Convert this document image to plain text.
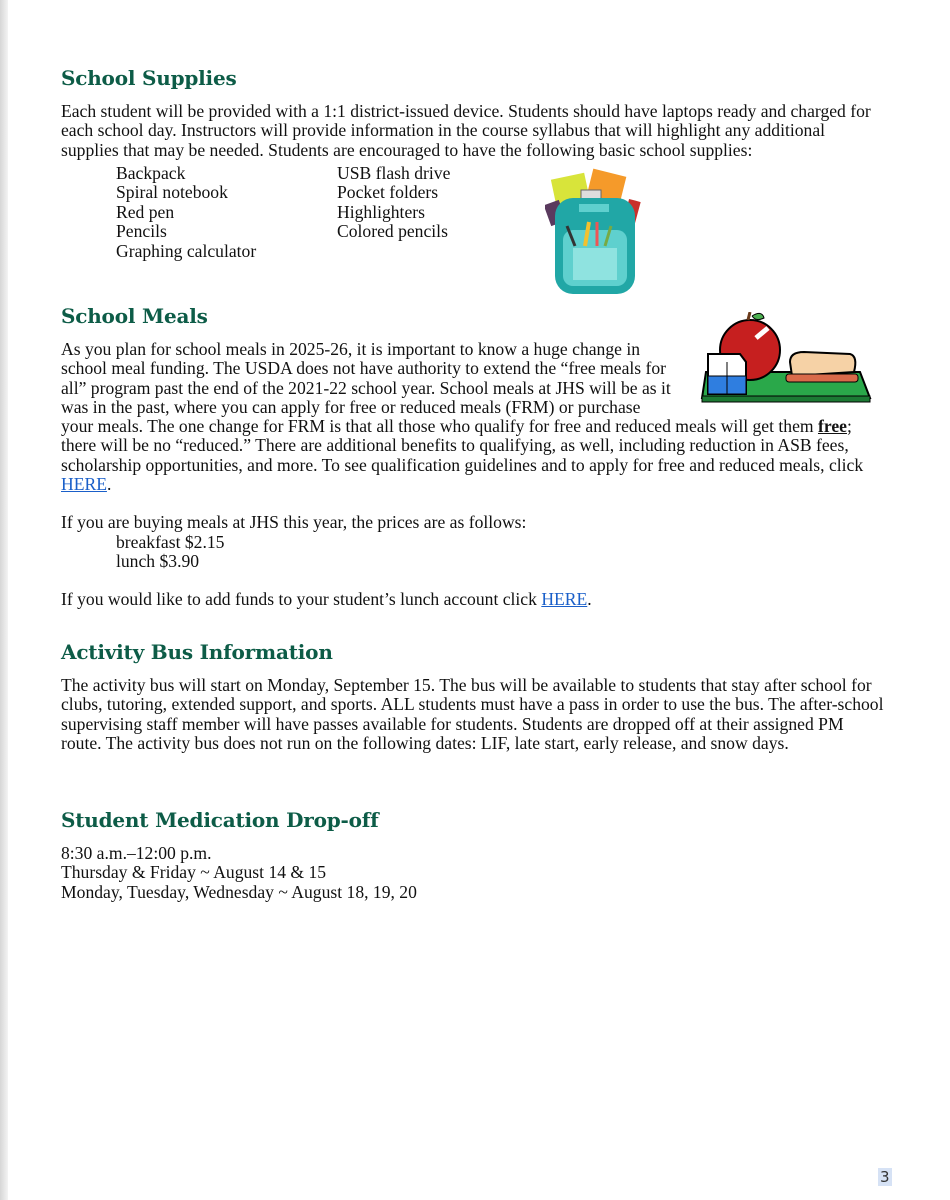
School Supplies

Each student will be provided with a 1:1 district-issued device. Students should have laptops ready and charged for each school day. Instructors will provide information in the course syllabus that will highlight any additional supplies that may be needed. Students are encouraged to have the following basic school supplies:

Backpack
Spiral notebook
Red pen
Pencils
Graphing calculator
USB flash drive
Pocket folders
Highlighters
Colored pencils
School Meals

As you plan for school meals in 2025-26, it is important to know a huge change in school meal funding. The USDA does not have authority to extend the “free meals for all” program past the end of the 2021-22 school year. School meals at JHS will be as it was in the past, where you can apply for free or reduced meals (FRM) or purchase your meals. The one change for FRM is that all those who qualify for free and reduced meals will get them free; there will be no “reduced.” There are additional benefits to qualifying, as well, including reduction in ASB fees, scholarship opportunities, and more. To see qualification guidelines and to apply for free and reduced meals, click HERE.

If you are buying meals at JHS this year, the prices are as follows:

breakfast $2.15

lunch $3.90

If you would like to add funds to your student’s lunch account click HERE.

Activity Bus Information

The activity bus will start on Monday, September 15. The bus will be available to students that stay after school for clubs, tutoring, extended support, and sports. ALL students must have a pass in order to use the bus. The after-school supervising staff member will have passes available for students. Students are dropped off at their assigned PM route. The activity bus does not run on the following dates: LIF, late start, early release, and snow days.

Student Medication Drop-off

8:30 a.m.–12:00 p.m.

Thursday & Friday ~ August 14 & 15

Monday, Tuesday, Wednesday ~ August 18, 19, 20

3
